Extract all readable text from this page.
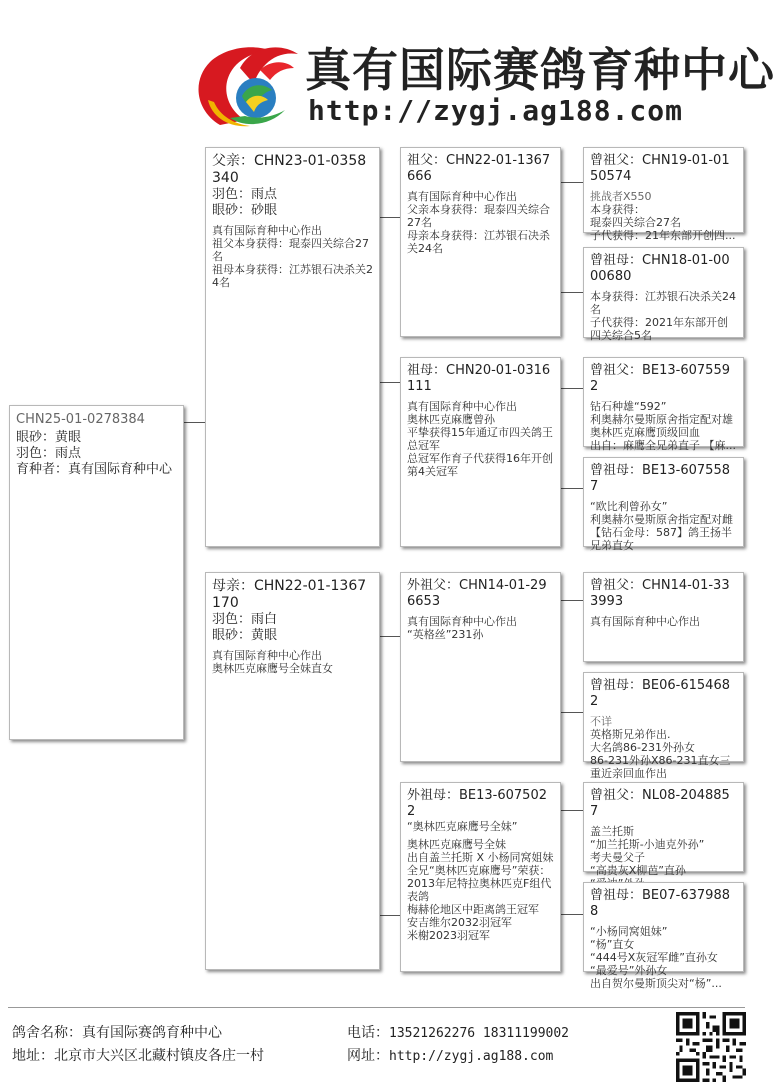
真有国际赛鸽育种中心
http://zygj.ag188.com
CHN25-01-0278384
眼砂：黄眼
羽色：雨点
育种者：真有国际育种中心
父亲：CHN23-01-0358340
羽色：雨点
眼砂：砂眼
真有国际育种中心作出
祖父本身获得：琨泰四关综合27名
祖母本身获得：江苏银石决杀关24名
母亲：CHN22-01-1367170
羽色：雨白
眼砂：黄眼
真有国际育种中心作出
奥林匹克麻鹰号全妹直女
祖父：CHN22-01-1367666
真有国际育种中心作出
父亲本身获得：琨泰四关综合27名
母亲本身获得：江苏银石决杀关24名
祖母：CHN20-01-0316111
真有国际育种中心作出
奥林匹克麻鹰曾孙
平挚获得15年通辽市四关鸽王总冠军
总冠军作育子代获得16年开创第4关冠军
外祖父：CHN14-01-296653
真有国际育种中心作出
“英格丝”231孙
外祖母：BE13-6075022
“奥林匹克麻鹰号全妹”
奥林匹克麻鹰号全妹
出自盖兰托斯 X 小杨同窝姐妹
全兄“奥林匹克麻鹰号”荣获：
2013年尼特拉奥林匹克F组代表鸽
梅赫伦地区中距离鸽王冠军
安吉维尔2032羽冠军
米榭2023羽冠军
曾祖父：CHN19-01-0150574
挑战者X550
本身获得：
琨泰四关综合27名
子代获得：21年东部开创四...
曾祖母：CHN18-01-0000680
本身获得：江苏银石决杀关24名
子代获得：2021年东部开创四关综合5名
曾祖父：BE13-6075592
钻石种雄“592”
利奥赫尔曼斯原舍指定配对雄
奥林匹克麻鹰顶级回血
出自：麻鹰全兄弟直子 【麻...
曾祖母：BE13-6075587
“欧比利曾孙女”
利奥赫尔曼斯原舍指定配对雌
【钻石金母：587】鸽王扬半兄弟直女
曾祖父：CHN14-01-333993
真有国际育种中心作出
曾祖母：BE06-6154682
不详
英格斯兄弟作出.
大名鸽86-231外孙女
86-231外孙X86-231直女三重近亲回血作出
曾祖父：NL08-2048857
盖兰托斯
“加兰托斯-小迪克外孙”
考夫曼父子
“高贵灰X柳芭”直孙
曾祖母：BE07-6379888
“小杨同窝姐妹”
“杨”直女
“444号X灰冠军雌”直孙女
“最爱号”外孙女
出自贺尔曼斯顶尖对“杨”...
鸽舍名称：真有国际赛鸽育种中心
地址：北京市大兴区北藏村镇皮各庄一村
电话：13521262276 18311199002
网址：http://zygj.ag188.com
